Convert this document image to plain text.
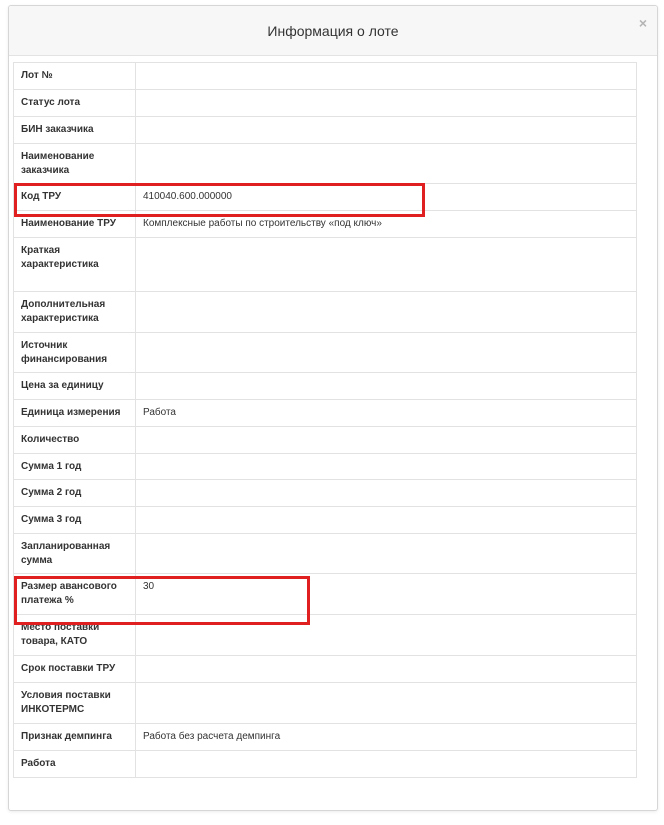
Информация о лоте	×
Лот №	
Статус лота	
БИН заказчика	
Наименование заказчика	
Код ТРУ	410040.600.000000
Наименование ТРУ	Комплексные работы по строительству «под ключ»
Краткая характеристика	
Дополнительная характеристика	
Источник финансирования	
Цена за единицу	
Единица измерения	Работа
Количество	
Сумма 1 год	
Сумма 2 год	
Сумма 3 год	
Запланированная сумма	
Размер авансового платежа %	30
Место поставки товара, КАТО	
Срок поставки ТРУ	
Условия поставки ИНКОТЕРМС	
Признак демпинга	Работа без расчета демпинга
Работа	
